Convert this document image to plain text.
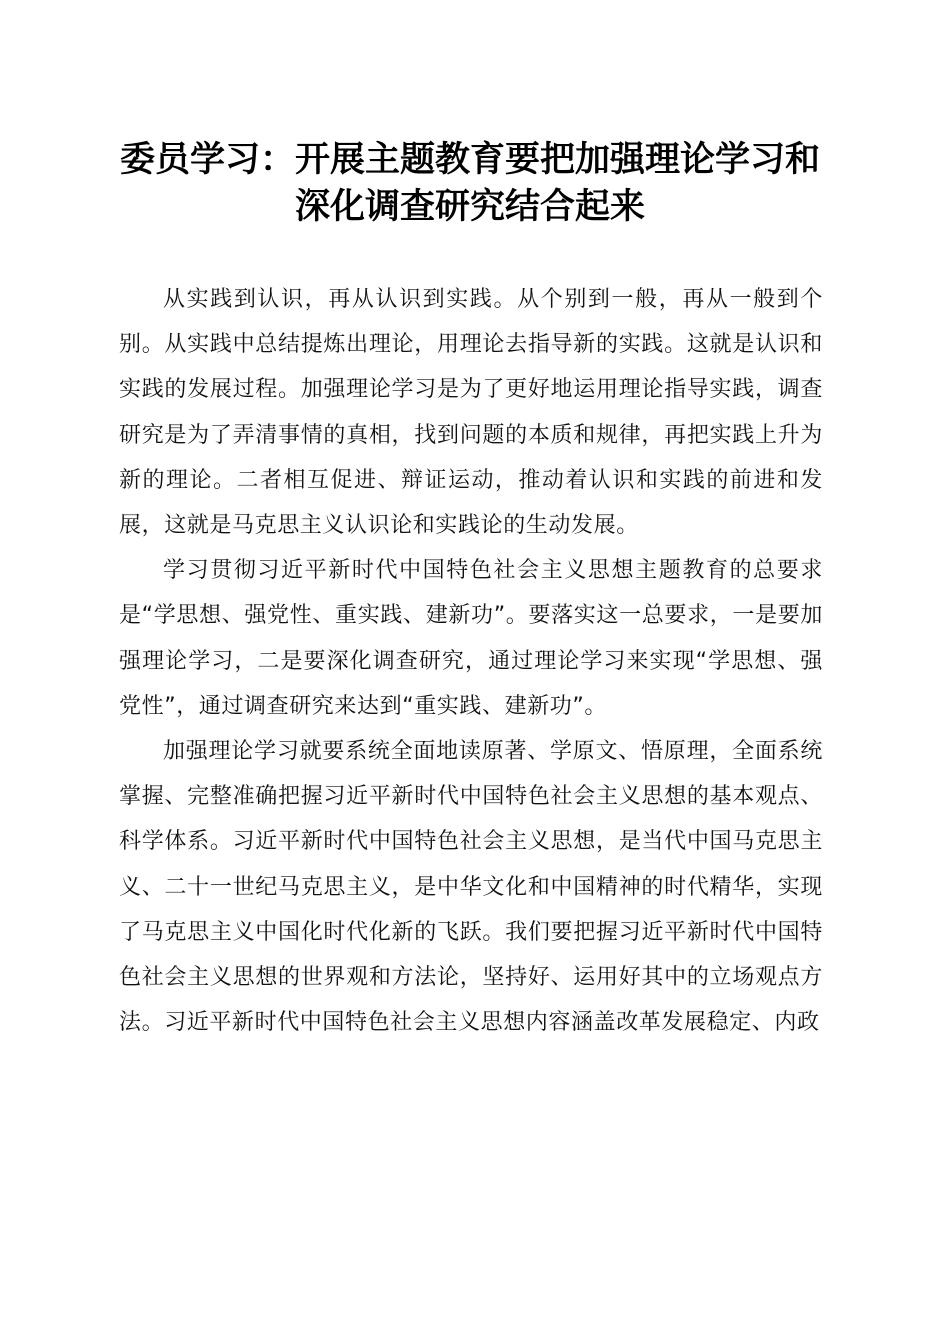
委员学习：开展主题教育要把加强理论学习和
深化调查研究结合起来

从实践到认识，再从认识到实践。从个别到一般，再从一般到个别。从实践中总结提炼出理论，用理论去指导新的实践。这就是认识和实践的发展过程。加强理论学习是为了更好地运用理论指导实践，调查研究是为了弄清事情的真相，找到问题的本质和规律，再把实践上升为新的理论。二者相互促进、辩证运动，推动着认识和实践的前进和发展，这就是马克思主义认识论和实践论的生动发展。

学习贯彻习近平新时代中国特色社会主义思想主题教育的总要求是“学思想、强党性、重实践、建新功”。要落实这一总要求，一是要加强理论学习，二是要深化调查研究，通过理论学习来实现“学思想、强党性”，通过调查研究来达到“重实践、建新功”。

加强理论学习就要系统全面地读原著、学原文、悟原理，全面系统掌握、完整准确把握习近平新时代中国特色社会主义思想的基本观点、科学体系。习近平新时代中国特色社会主义思想，是当代中国马克思主义、二十一世纪马克思主义，是中华文化和中国精神的时代精华，实现了马克思主义中国化时代化新的飞跃。我们要把握习近平新时代中国特色社会主义思想的世界观和方法论，坚持好、运用好其中的立场观点方法。习近平新时代中国特色社会主义思想内容涵盖改革发展稳定、内政
